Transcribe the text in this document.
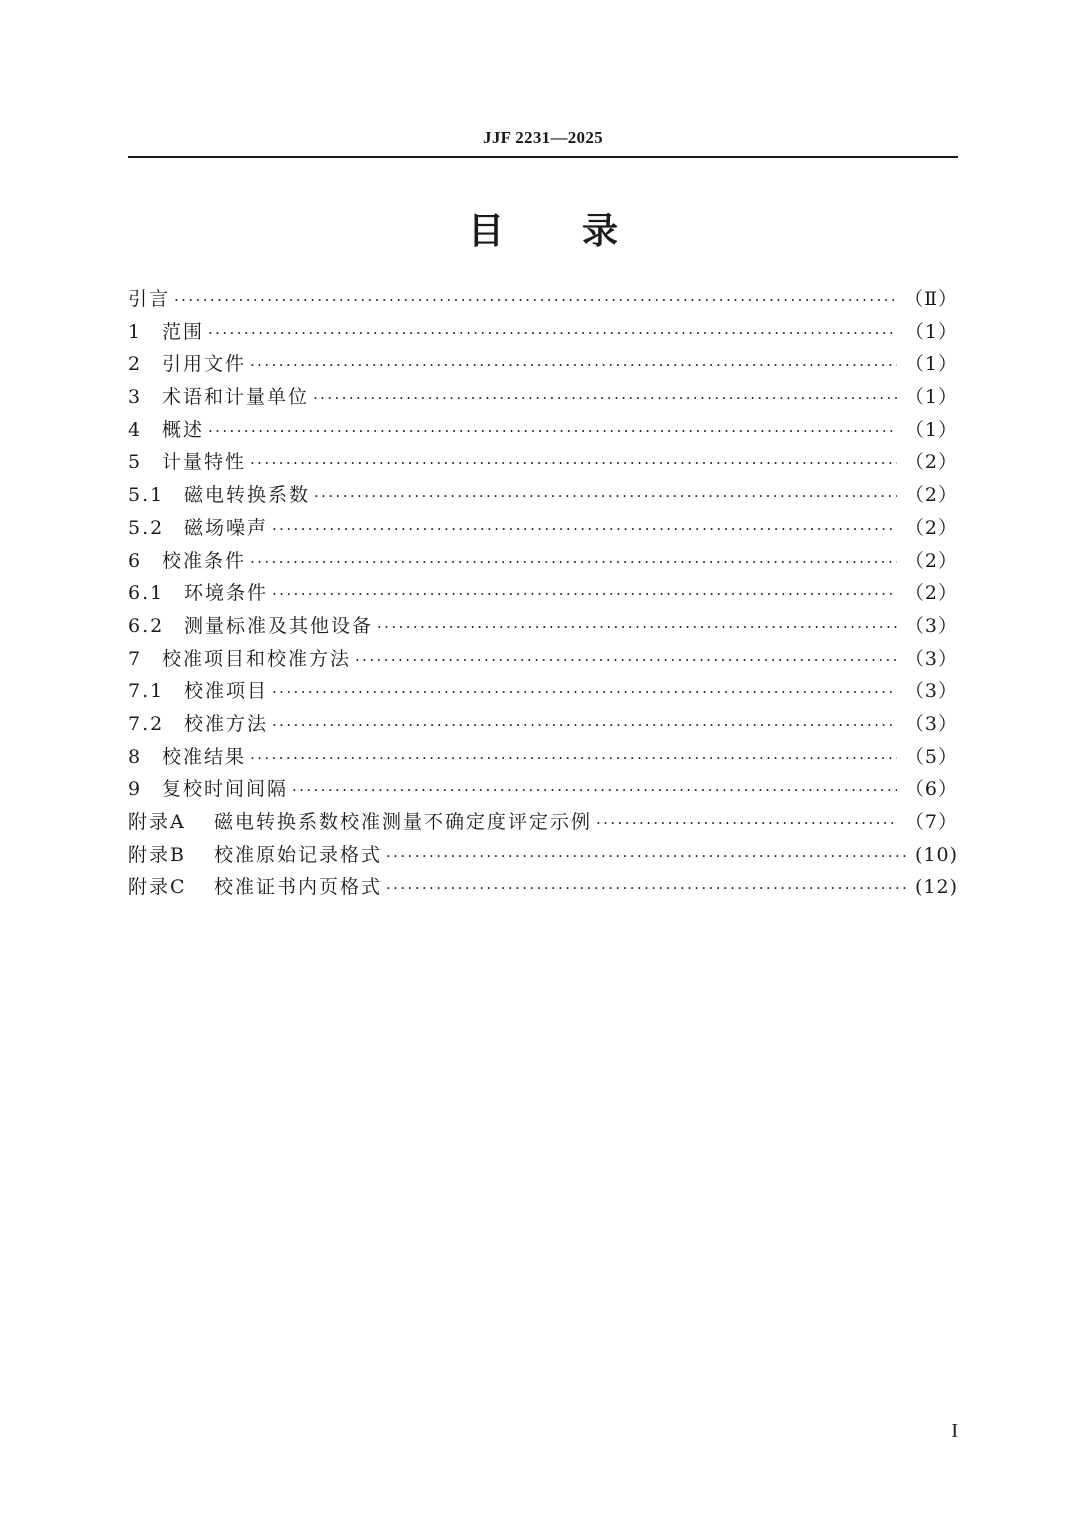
JJF 2231—2025
目 录
引言 ·····	（Ⅱ）
1	范围 ·····	（1）
2	引用文件 ·····	（1）
3	术语和计量单位 ·····	（1）
4	概述 ·····	（1）
5	计量特性 ·····	（2）
5.1	磁电转换系数 ·····	（2）
5.2	磁场噪声 ·····	（2）
6	校准条件 ·····	（2）
6.1	环境条件 ·····	（2）
6.2	测量标准及其他设备 ·····	（3）
7	校准项目和校准方法 ·····	（3）
7.1	校准项目 ·····	（3）
7.2	校准方法 ·····	（3）
8	校准结果 ·····	（5）
9	复校时间间隔 ·····	（6）
附录A	磁电转换系数校准测量不确定度评定示例 ·····	（7）
附录B	校准原始记录格式 ·····	(10)
附录C	校准证书内页格式 ·····	(12)
I
